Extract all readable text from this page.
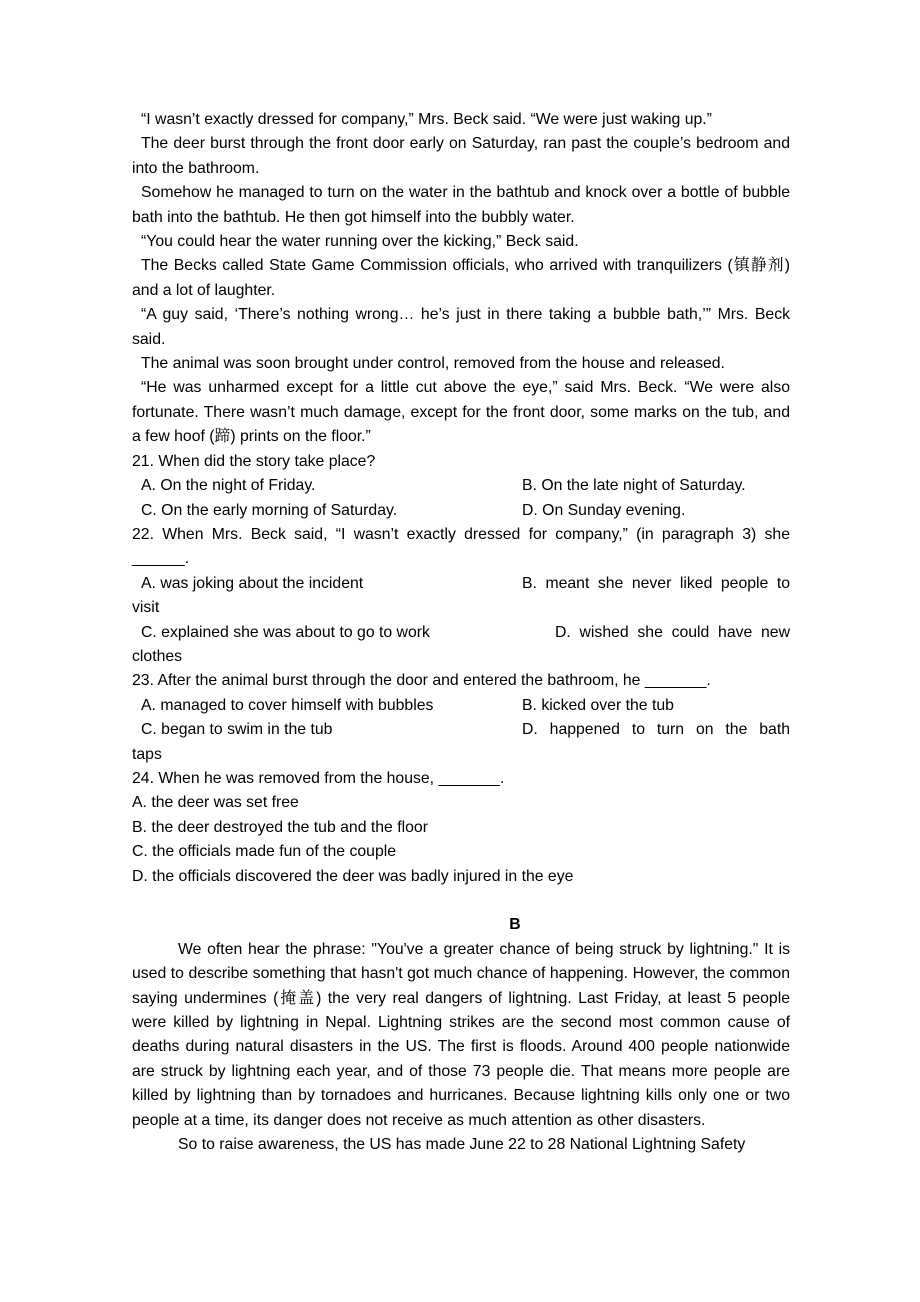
“I wasn’t exactly dressed for company,” Mrs. Beck said. “We were just waking up.”

The deer burst through the front door early on Saturday, ran past the couple’s bedroom and into the bathroom.

Somehow he managed to turn on the water in the bathtub and knock over a bottle of bubble bath into the bathtub. He then got himself into the bubbly water.

“You could hear the water running over the kicking,” Beck said.

The Becks called State Game Commission officials, who arrived with tranquilizers (镇静剂) and a lot of laughter.

“A guy said, ‘There’s nothing wrong… he’s just in there taking a bubble bath,’” Mrs. Beck said.

The animal was soon brought under control, removed from the house and released.

“He was unharmed except for a little cut above the eye,” said Mrs. Beck. “We were also fortunate. There wasn’t much damage, except for the front door, some marks on the tub, and a few hoof (蹄) prints on the floor.”

21. When did the story take place?
A. On the night of Friday.	B. On the late night of Saturday.
C. On the early morning of Saturday.	D. On Sunday evening.
22. When Mrs. Beck said, “I wasn’t exactly dressed for company,” (in paragraph 3) she ______.
A. was joking about the incident	B. meant she never liked people to
visit
C. explained she was about to go to work	D. wished she could have new
clothes
23. After the animal burst through the door and entered the bathroom, he _______.
A. managed to cover himself with bubbles	B. kicked over the tub
C. began to swim in the tub	D. happened to turn on the bath
taps
24. When he was removed from the house, _______.
A. the deer was set free
B. the deer destroyed the tub and the floor
C. the officials made fun of the couple
D. the officials discovered the deer was badly injured in the eye
B

We often hear the phrase: "You've a greater chance of being struck by lightning." It is used to describe something that hasn't got much chance of happening. However, the common saying undermines (掩盖) the very real dangers of lightning. Last Friday, at least 5 people were killed by lightning in Nepal. Lightning strikes are the second most common cause of deaths during natural disasters in the US. The first is floods. Around 400 people nationwide are struck by lightning each year, and of those 73 people die. That means more people are killed by lightning than by tornadoes and hurricanes. Because lightning kills only one or two people at a time, its danger does not receive as much attention as other disasters.

So to raise awareness, the US has made June 22 to 28 National Lightning Safety
